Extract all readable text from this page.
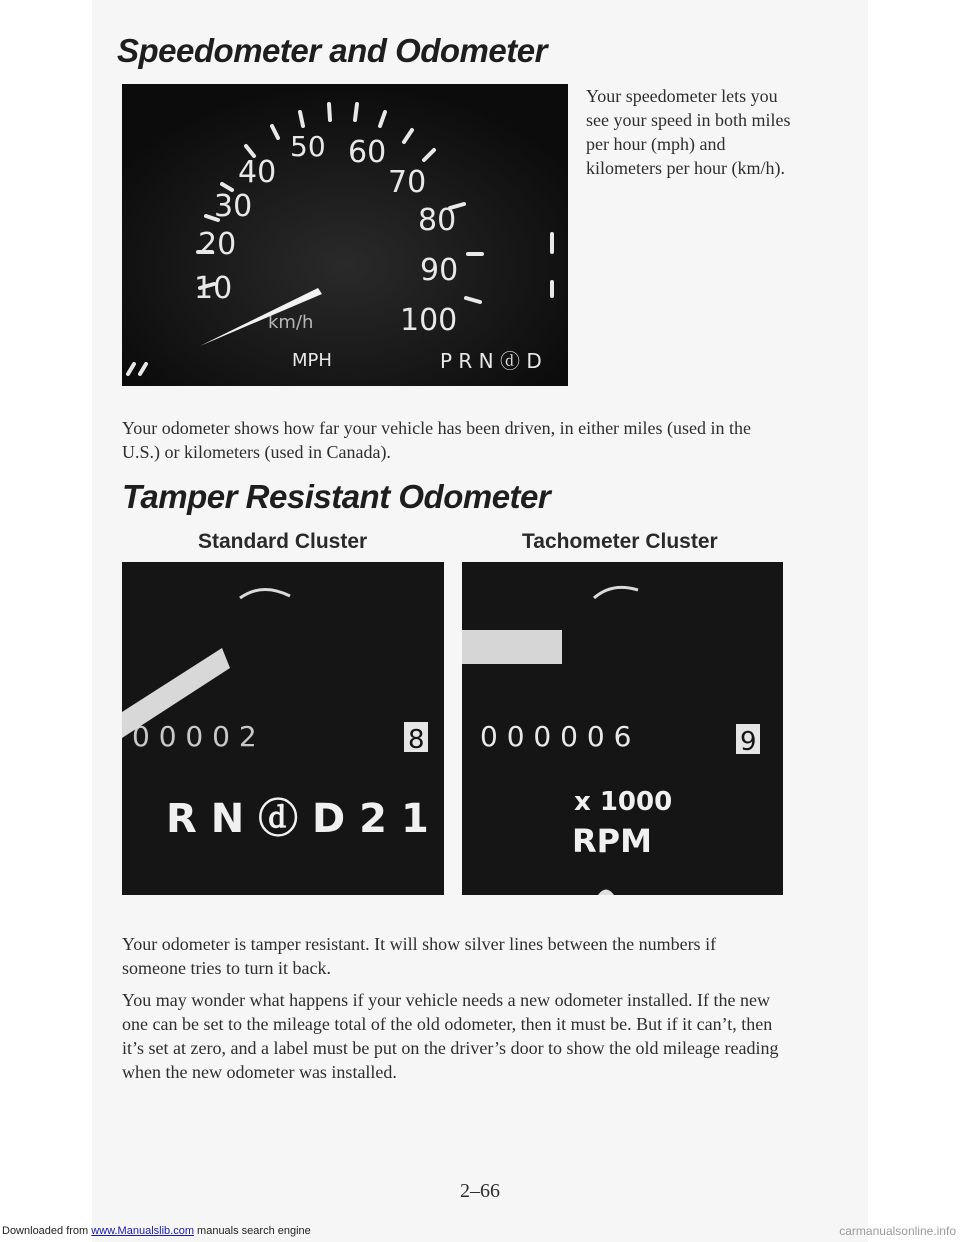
Speedometer and Odometer
10
20
30
40
50 60
70
80
90
100
km/h
MPH	P R N ⓓ D

Your speedometer lets you see your speed in both miles per hour (mph) and kilometers per hour (km/h).

Your odometer shows how far your vehicle has been driven, in either miles (used in the U.S.) or kilometers (used in Canada).

Tamper Resistant Odometer
Standard Cluster	Tachometer Cluster
0 0 0 0 2	8
R N ⓓ D 2 1
0 0 0 0 0 6	9
x 1000
RPM

Your odometer is tamper resistant. It will show silver lines between the numbers if someone tries to turn it back.

You may wonder what happens if your vehicle needs a new odometer installed. If the new one can be set to the mileage total of the old odometer, then it must be. But if it can’t, then it’s set at zero, and a label must be put on the driver’s door to show the old mileage reading when the new odometer was installed.

2–66
Downloaded from www.Manualslib.com manuals search engine	carmanualsonline.info
